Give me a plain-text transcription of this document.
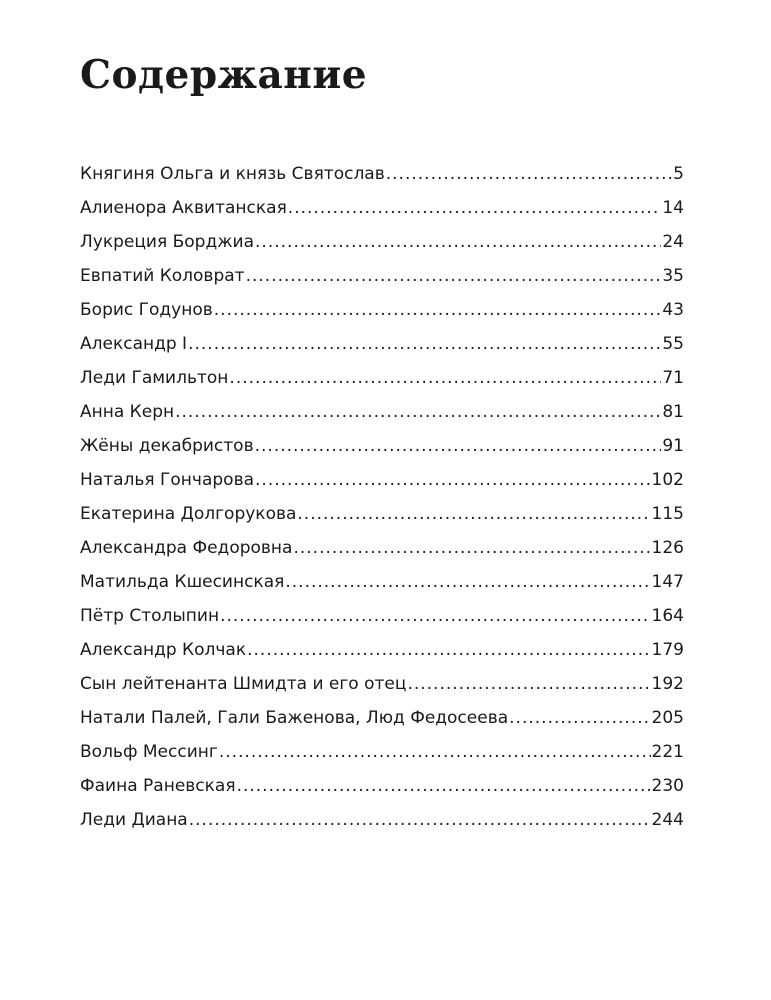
Содержание
Княгиня Ольга и князь Святослав .....	5
Алиенора Аквитанская .....	14
Лукреция Борджиа .....	24
Евпатий Коловрат .....	35
Борис Годунов .....	43
Александр I .....	55
Леди Гамильтон .....	71
Анна Керн .....	81
Жёны декабристов .....	91
Наталья Гончарова .....	102
Екатерина Долгорукова .....	115
Александра Федоровна .....	126
Матильда Кшесинская .....	147
Пётр Столыпин .....	164
Александр Колчак .....	179
Сын лейтенанта Шмидта и его отец .....	192
Натали Палей, Гали Баженова, Люд Федосеева .....	205
Вольф Мессинг .....	221
Фаина Раневская .....	230
Леди Диана .....	244
